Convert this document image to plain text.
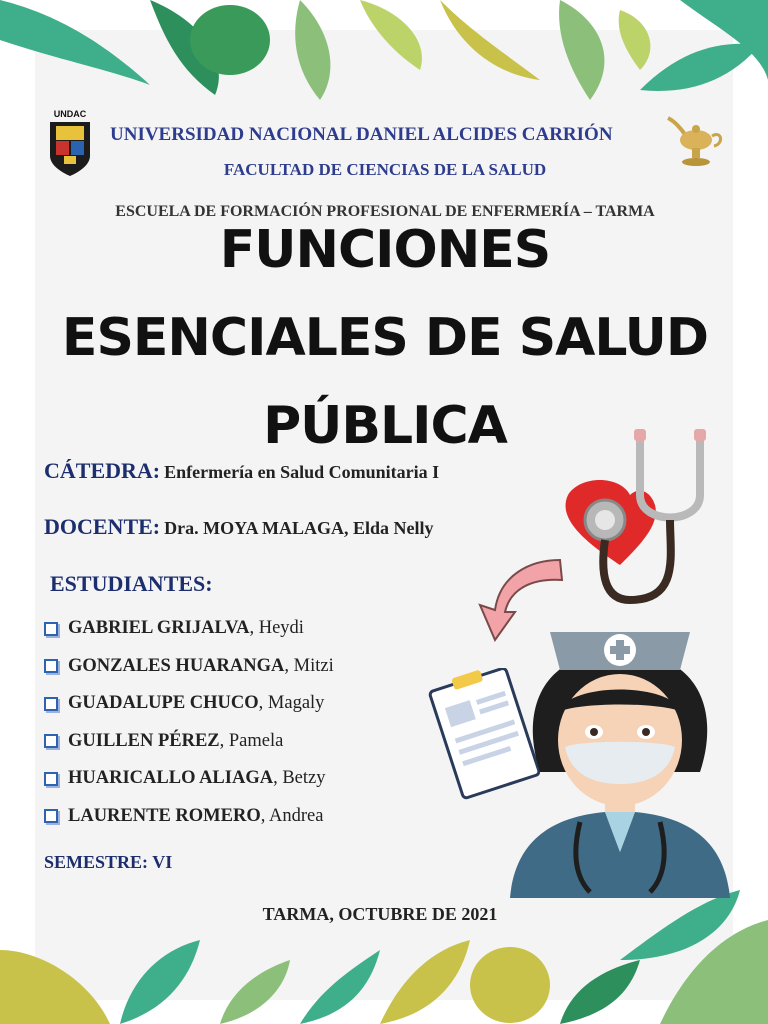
UNDAC
UNIVERSIDAD NACIONAL DANIEL ALCIDES CARRIÓN
FACULTAD DE CIENCIAS DE LA SALUD
ESCUELA DE FORMACIÓN PROFESIONAL DE ENFERMERÍA – TARMA
FUNCIONES
ESENCIALES DE SALUD
PÚBLICA
CÁTEDRA: Enfermería en Salud Comunitaria I
DOCENTE: Dra. MOYA MALAGA, Elda Nelly
ESTUDIANTES:
GABRIEL GRIJALVA , Heydi
GONZALES HUARANGA , Mitzi
GUADALUPE CHUCO , Magaly
GUILLEN PÉREZ , Pamela
HUARICALLO ALIAGA , Betzy
LAURENTE ROMERO , Andrea
SEMESTRE: VI
TARMA, OCTUBRE DE 2021
